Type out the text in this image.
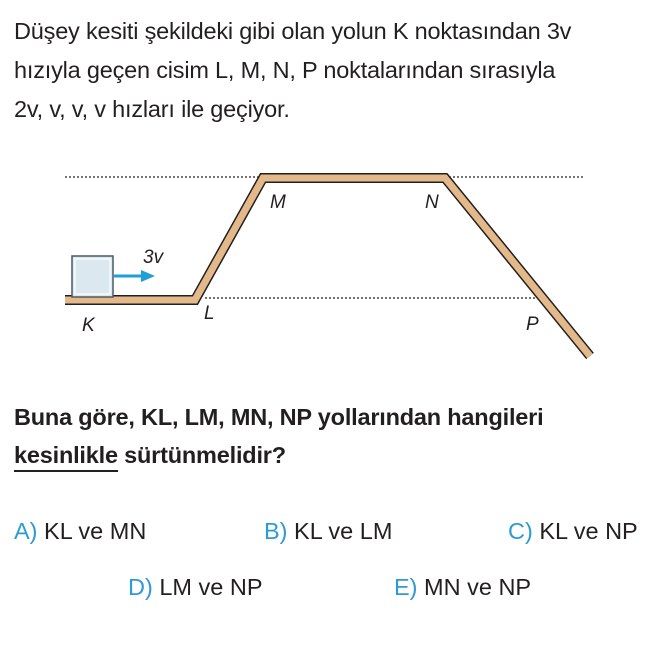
Düşey kesiti şekildeki gibi olan yolun K noktasından 3v
hızıyla geçen cisim L, M, N, P noktalarından sırasıyla
2v, v, v, v hızları ile geçiyor.
3v
K
L
M	N
P
Buna göre, KL, LM, MN, NP yollarından hangileri
kesinlikle sürtünmelidir?
A) KL ve MN	B) KL ve LM	C) KL ve NP
D) LM ve NP	E) MN ve NP
